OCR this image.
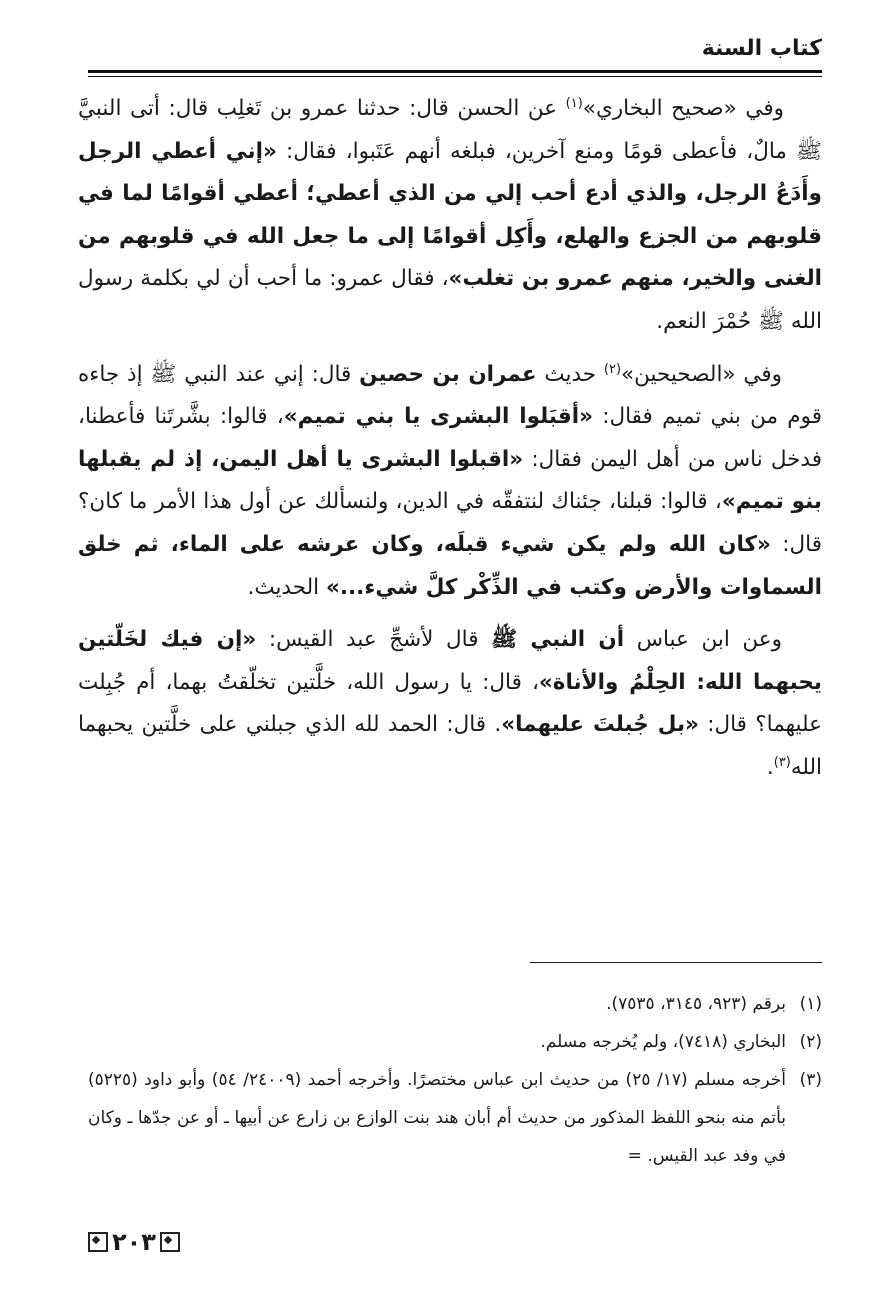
كتاب السنة

وفي «صحيح البخاري»$^{(١)}$ عن الحسن قال: حدثنا عمرو بن تَغلِب قال: أتى النبيَّ ﷺ مالٌ، فأعطى قومًا ومنع آخرين، فبلغه أنهم عَتَبوا، فقال: «إني أعطي الرجل وأَدَعُ الرجل، والذي أدع أحب إلي من الذي أعطي؛ أعطي أقوامًا لما في قلوبهم من الجزع والهلع، وأَكِل أقوامًا إلى ما جعل الله في قلوبهم من الغنى والخير، منهم عمرو بن تغلب»، فقال عمرو: ما أحب أن لي بكلمة رسول الله ﷺ حُمْرَ النعم.

وفي «الصحيحين»$^{(٢)}$ حديث عمران بن حصين قال: إني عند النبي ﷺ إذ جاءه قوم من بني تميم فقال: «أقبَلوا البشرى يا بني تميم»، قالوا: بشَّرتَنا فأعطنا، فدخل ناس من أهل اليمن فقال: «اقبلوا البشرى يا أهل اليمن، إذ لم يقبلها بنو تميم»، قالوا: قبلنا، جئناك لنتفقّه في الدين، ولنسألك عن أول هذا الأمر ما كان؟ قال: «كان الله ولم يكن شيء قبلَه، وكان عرشه على الماء، ثم خلق السماوات والأرض وكتب في الذِّكْر كلَّ شيء...» الحديث.

وعن ابن عباس أن النبي ﷺ قال لأشجِّ عبد القيس: «إن فيك لخَلّتين يحبهما الله: الحِلْمُ والأناة»، قال: يا رسول الله، خلَّتين تخلّقتُ بهما، أم جُبِلت عليهما؟ قال: «بل جُبلتَ عليهما». قال: الحمد لله الذي جبلني على خلَّتين يحبهما الله$^{(٣)}$.

(١)
برقم (٩٢٣، ٣١٤٥، ٧٥٣٥).
(٢)
البخاري (٧٤١٨)، ولم يُخرجه مسلم.
(٣)
أخرجه مسلم (١٧/ ٢٥) من حديث ابن عباس مختصرًا. وأخرجه أحمد (٢٤٠٠٩/ ٥٤) وأبو داود (٥٢٢٥) بأتم منه بنحو اللفظ المذكور من حديث أم أبان هند بنت الوازع بن زارع عن أبيها ـ أو عن جدّها ـ وكان في وفد عبد القيس. =
٢٠٣
